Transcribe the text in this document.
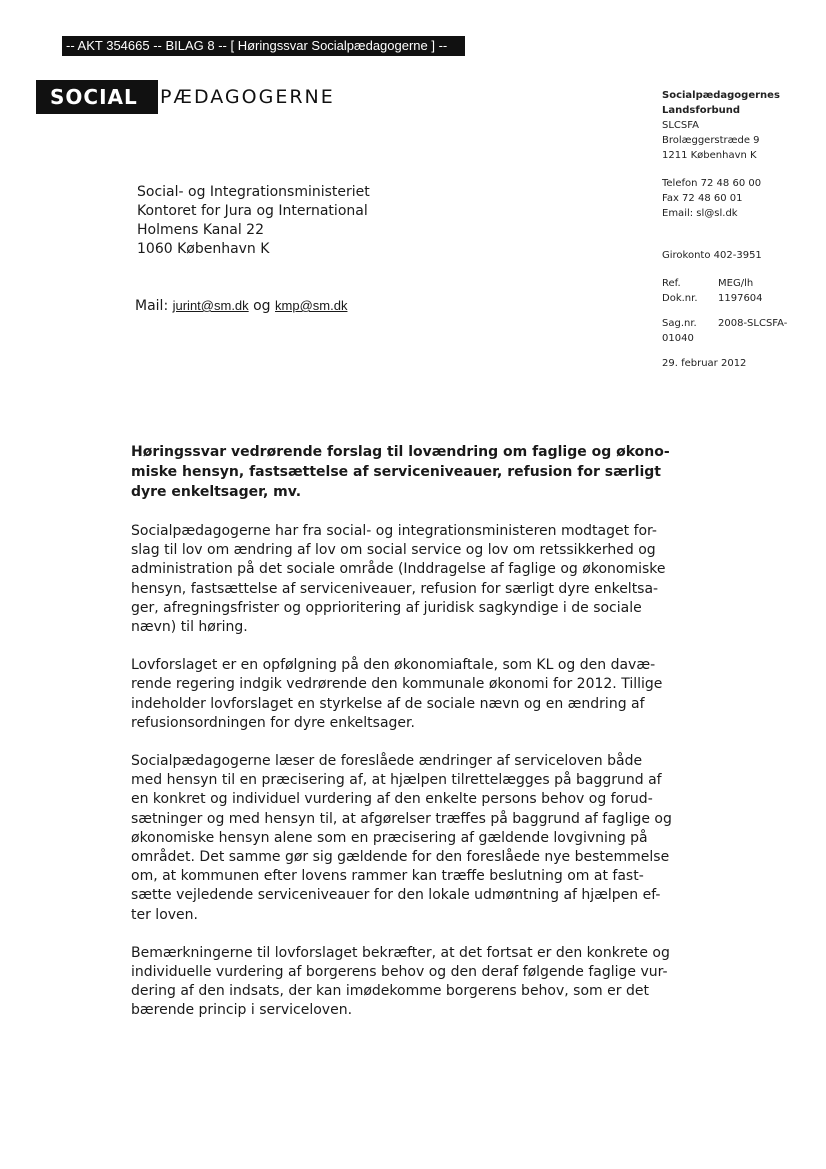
-- AKT 354665 -- BILAG 8 -- [ Høringssvar Socialpædagogerne ] --
SOCIAL	PÆDAGOGERNE	Socialpædagogernes
Landsforbund
SLCSFA
Brolæggerstræde 9
1211 København K
Telefon 72 48 60 00
Fax 72 48 60 01
Email: sl@sl.dk
Girokonto 402-3951
Ref.	MEG/lh
Dok.nr.	1197604
Sag.nr.	2008-SLCSFA-
01040
29. februar 2012
Social- og Integrationsministeriet
Kontoret for Jura og International
Holmens Kanal 22
1060 København K
Mail: jurint@sm.dk og kmp@sm.dk
Høringssvar vedrørende forslag til lovændring om faglige og økono-
miske hensyn, fastsættelse af serviceniveauer, refusion for særligt
dyre enkeltsager, mv.
Socialpædagogerne har fra social- og integrationsministeren modtaget for-
slag til lov om ændring af lov om social service og lov om retssikkerhed og
administration på det sociale område (Inddragelse af faglige og økonomiske
hensyn, fastsættelse af serviceniveauer, refusion for særligt dyre enkeltsa-
ger, afregningsfrister og opprioritering af juridisk sagkyndige i de sociale
nævn) til høring.
Lovforslaget er en opfølgning på den økonomiaftale, som KL og den davæ-
rende regering indgik vedrørende den kommunale økonomi for 2012. Tillige
indeholder lovforslaget en styrkelse af de sociale nævn og en ændring af
refusionsordningen for dyre enkeltsager.
Socialpædagogerne læser de foreslåede ændringer af serviceloven både
med hensyn til en præcisering af, at hjælpen tilrettelægges på baggrund af
en konkret og individuel vurdering af den enkelte persons behov og forud-
sætninger og med hensyn til, at afgørelser træffes på baggrund af faglige og
økonomiske hensyn alene som en præcisering af gældende lovgivning på
området. Det samme gør sig gældende for den foreslåede nye bestemmelse
om, at kommunen efter lovens rammer kan træffe beslutning om at fast-
sætte vejledende serviceniveauer for den lokale udmøntning af hjælpen ef-
ter loven.
Bemærkningerne til lovforslaget bekræfter, at det fortsat er den konkrete og
individuelle vurdering af borgerens behov og den deraf følgende faglige vur-
dering af den indsats, der kan imødekomme borgerens behov, som er det
bærende princip i serviceloven.
